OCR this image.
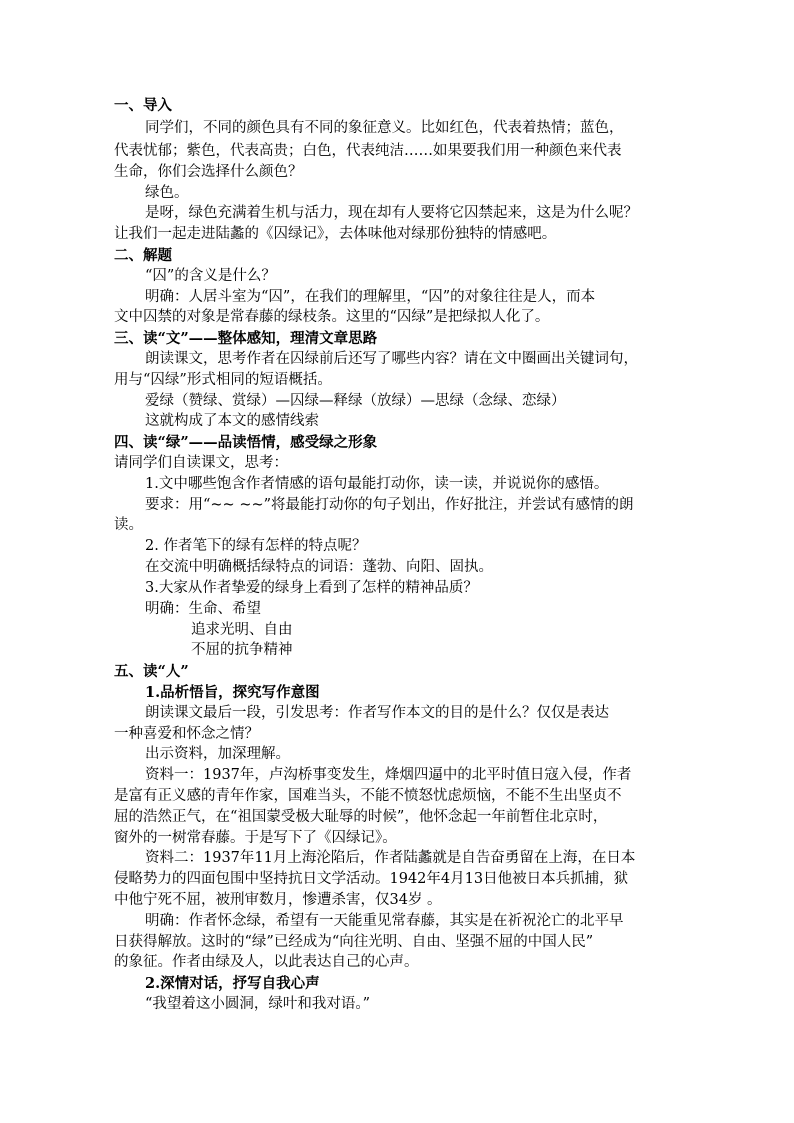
一、导入
同学们，不同的颜色具有不同的象征意义。比如红色，代表着热情；蓝色，
代表忧郁；紫色，代表高贵；白色，代表纯洁……如果要我们用一种颜色来代表
生命，你们会选择什么颜色？
绿色。
是呀，绿色充满着生机与活力，现在却有人要将它囚禁起来，这是为什么呢？
让我们一起走进陆蠡的《囚绿记》，去体味他对绿那份独特的情感吧。
二、解题
“囚”的含义是什么？
明确：人居斗室为“囚”，在我们的理解里，“囚”的对象往往是人，而本
文中囚禁的对象是常春藤的绿枝条。这里的“囚绿”是把绿拟人化了。
三、读“文”——整体感知，理清文章思路
朗读课文，思考作者在囚绿前后还写了哪些内容？请在文中圈画出关键词句，
用与“囚绿”形式相同的短语概括。
爱绿（赞绿、赏绿）—囚绿—释绿（放绿）—思绿（念绿、恋绿）
这就构成了本文的感情线索
四、读“绿”——品读悟情，感受绿之形象
请同学们自读课文，思考：
1.文中哪些饱含作者情感的语句最能打动你，读一读，并说说你的感悟。
要求：用“~~ ~~”将最能打动你的句子划出，作好批注，并尝试有感情的朗
读。
2. 作者笔下的绿有怎样的特点呢？
在交流中明确概括绿特点的词语：蓬勃、向阳、固执。
3.大家从作者挚爱的绿身上看到了怎样的精神品质？
明确：生命、希望
追求光明、自由
不屈的抗争精神
五、读“人”
1.品析悟旨，探究写作意图
朗读课文最后一段，引发思考：作者写作本文的目的是什么？仅仅是表达
一种喜爱和怀念之情？
出示资料，加深理解。
资料一：1937年，卢沟桥事变发生，烽烟四逼中的北平时值日寇入侵，作者
是富有正义感的青年作家，国难当头，不能不愤怒忧虑烦恼，不能不生出坚贞不
屈的浩然正气，在“祖国蒙受极大耻辱的时候”，他怀念起一年前暂住北京时，
窗外的一树常春藤。于是写下了《囚绿记》。
资料二：1937年11月上海沦陷后，作者陆蠡就是自告奋勇留在上海，在日本
侵略势力的四面包围中坚持抗日文学活动。1942年4月13日他被日本兵抓捕，狱
中他宁死不屈，被刑审数月，惨遭杀害，仅34岁 。
明确：作者怀念绿，希望有一天能重见常春藤，其实是在祈祝沦亡的北平早
日获得解放。这时的“绿”已经成为“向往光明、自由、坚强不屈的中国人民”
的象征。作者由绿及人，以此表达自己的心声。
2.深情对话，抒写自我心声
“我望着这小圆洞，绿叶和我对语。”
